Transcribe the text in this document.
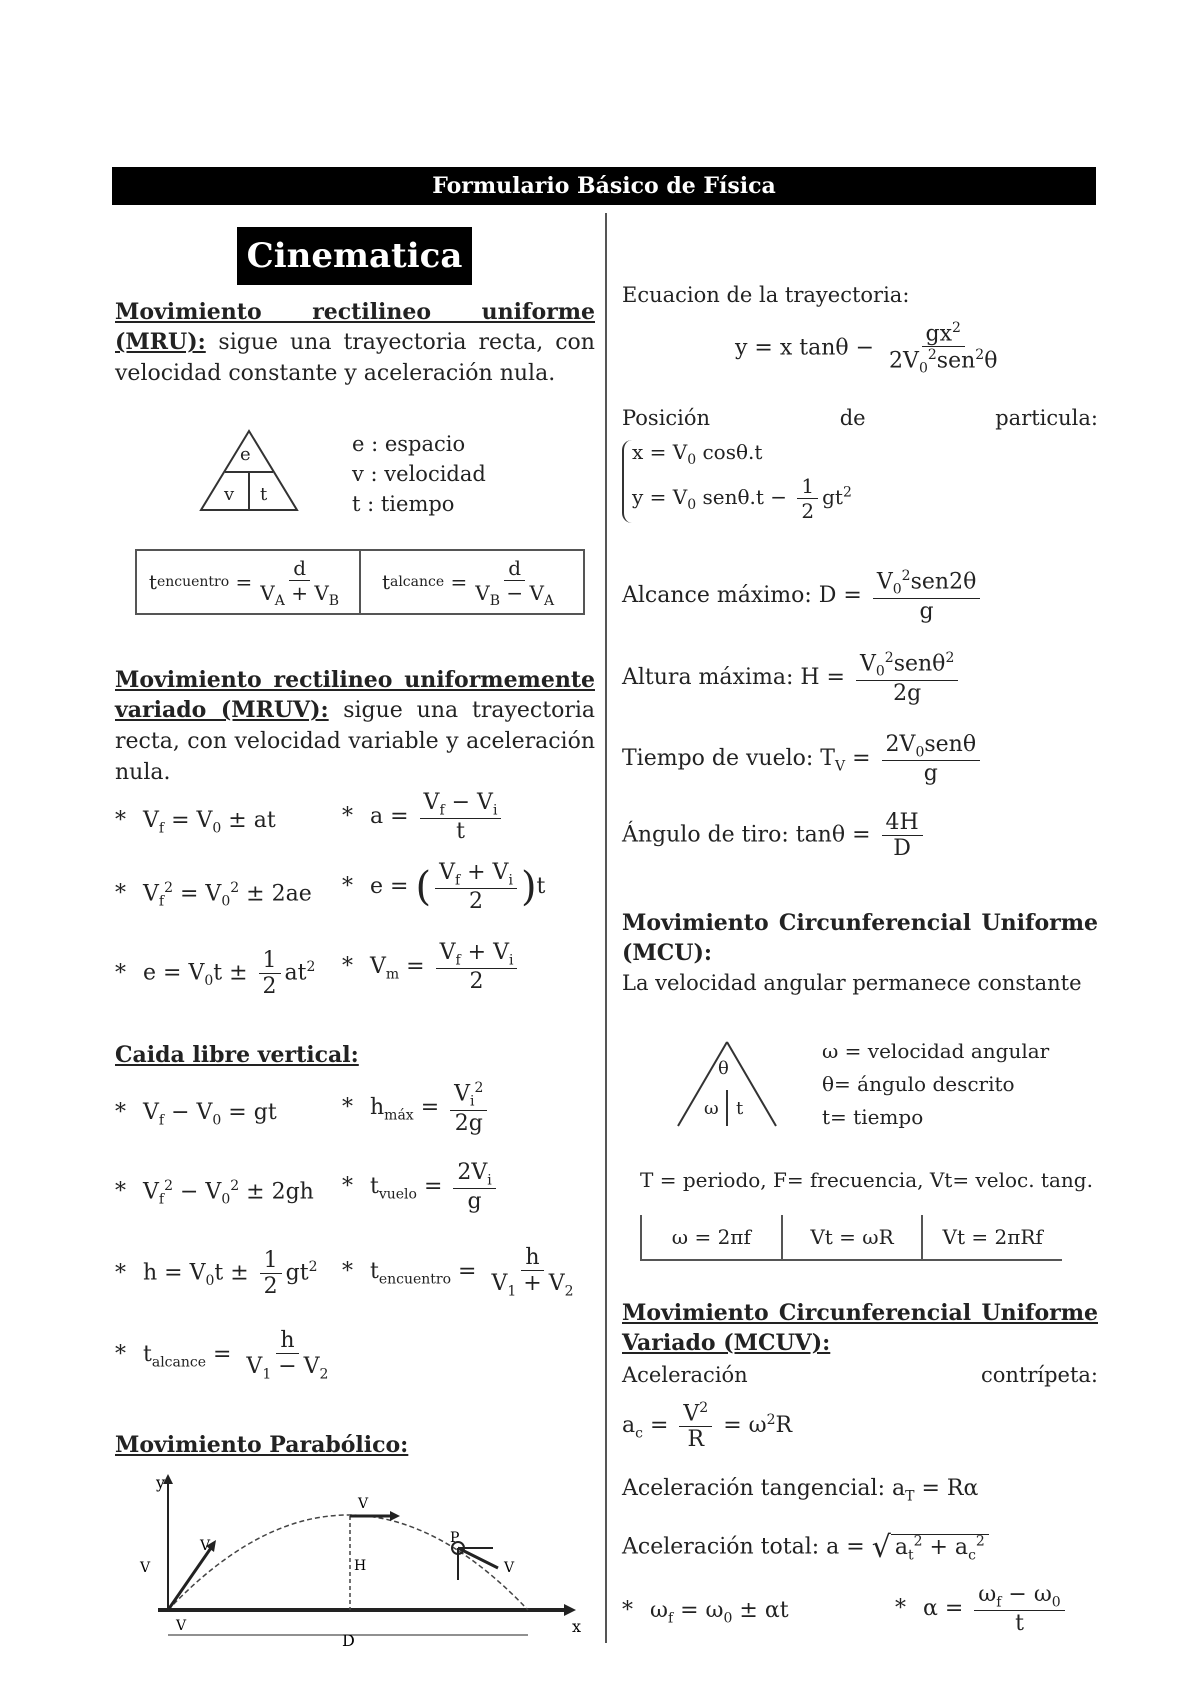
Formulario Básico de Física
Cinematica
Movimiento rectilineo uniforme (MRU): sigue una trayectoria recta, con velocidad constante y aceleración nula.
e
v t
e : espacio
v : velocidad
t : tiempo
t encuentro = $\frac{d}{V_A + V_B}$ t alcance = $\frac{d}{V_B - V_A}$
Movimiento rectilineo uniformemente variado (MRUV): sigue una trayectoria recta, con velocidad variable y aceleración nula.
* $V_f = V_0$ ± at	* $a = \frac{V_f - V_i}{t}$
* $V_f^2 = V_0^2 \pm 2ae * e$ = ( $\frac{V_f + V_i}{2} )t$
* $e = V_0t \pm \frac{1}{2} at^2 * V_m = \frac{V_f + V_i}{2}$
Caida libre vertical:
* $V_f - V_0$ = gt	* $h_{máx} = \frac{V_i^2}{2g}$
* $V_f^2 - V_0^2 \pm 2gh * t_{vuelo} = \frac{2V_i}{g}$
* $h = V_0t \pm \frac{1}{2} gt^2 * t_{encuentro} = \frac{h}{V_1 + V_2}$
* $t_{alcance} = \frac{h}{V_1 - V_2}$
Movimiento Parabólico:
y
x
D
H
V
V
V
V
P
V
Ecuacion de la trayectoria:
y = x $\tan\theta - \frac{gx^2}{2V_0^2sen^2\theta}$
Posición de particula:
$x = V_0$ cosθ.t
$y = V_0$ $sen\theta.t - \frac{1}{2} gt^2$
Alcance máximo: $D = \frac{V_0^2sen2\theta}{g}$
Altura máxima: $H = \frac{V_0^2sen\theta^2}{2g}$
Tiempo de vuelo: $T_V = \frac{2V_0sen\theta}{g}$
Ángulo de tiro: $\tan\theta = \frac{4H}{D}$
Movimiento Circunferencial Uniforme (MCU):
La velocidad angular permanece constante
θ
ω t
ω = velocidad angular
θ= ángulo descrito
t= tiempo
T = periodo, F= frecuencia, Vt= veloc. tang.
ω = 2πf	Vt = ωR	Vt = 2πRf
Movimiento Circunferencial Uniforme Variado (MCUV):
Aceleración contrípeta:
$a_c = \frac{V^2}{R} = \omega^2R$
Aceleración tangencial: $a_T = R\alpha$
Aceleración total: a = √ $a_t^2 + a_c^2$
* $\omega_f = \omega_0 \pm \alpha t$	* $\alpha = \frac{\omega_f - \omega_0}{t}$
